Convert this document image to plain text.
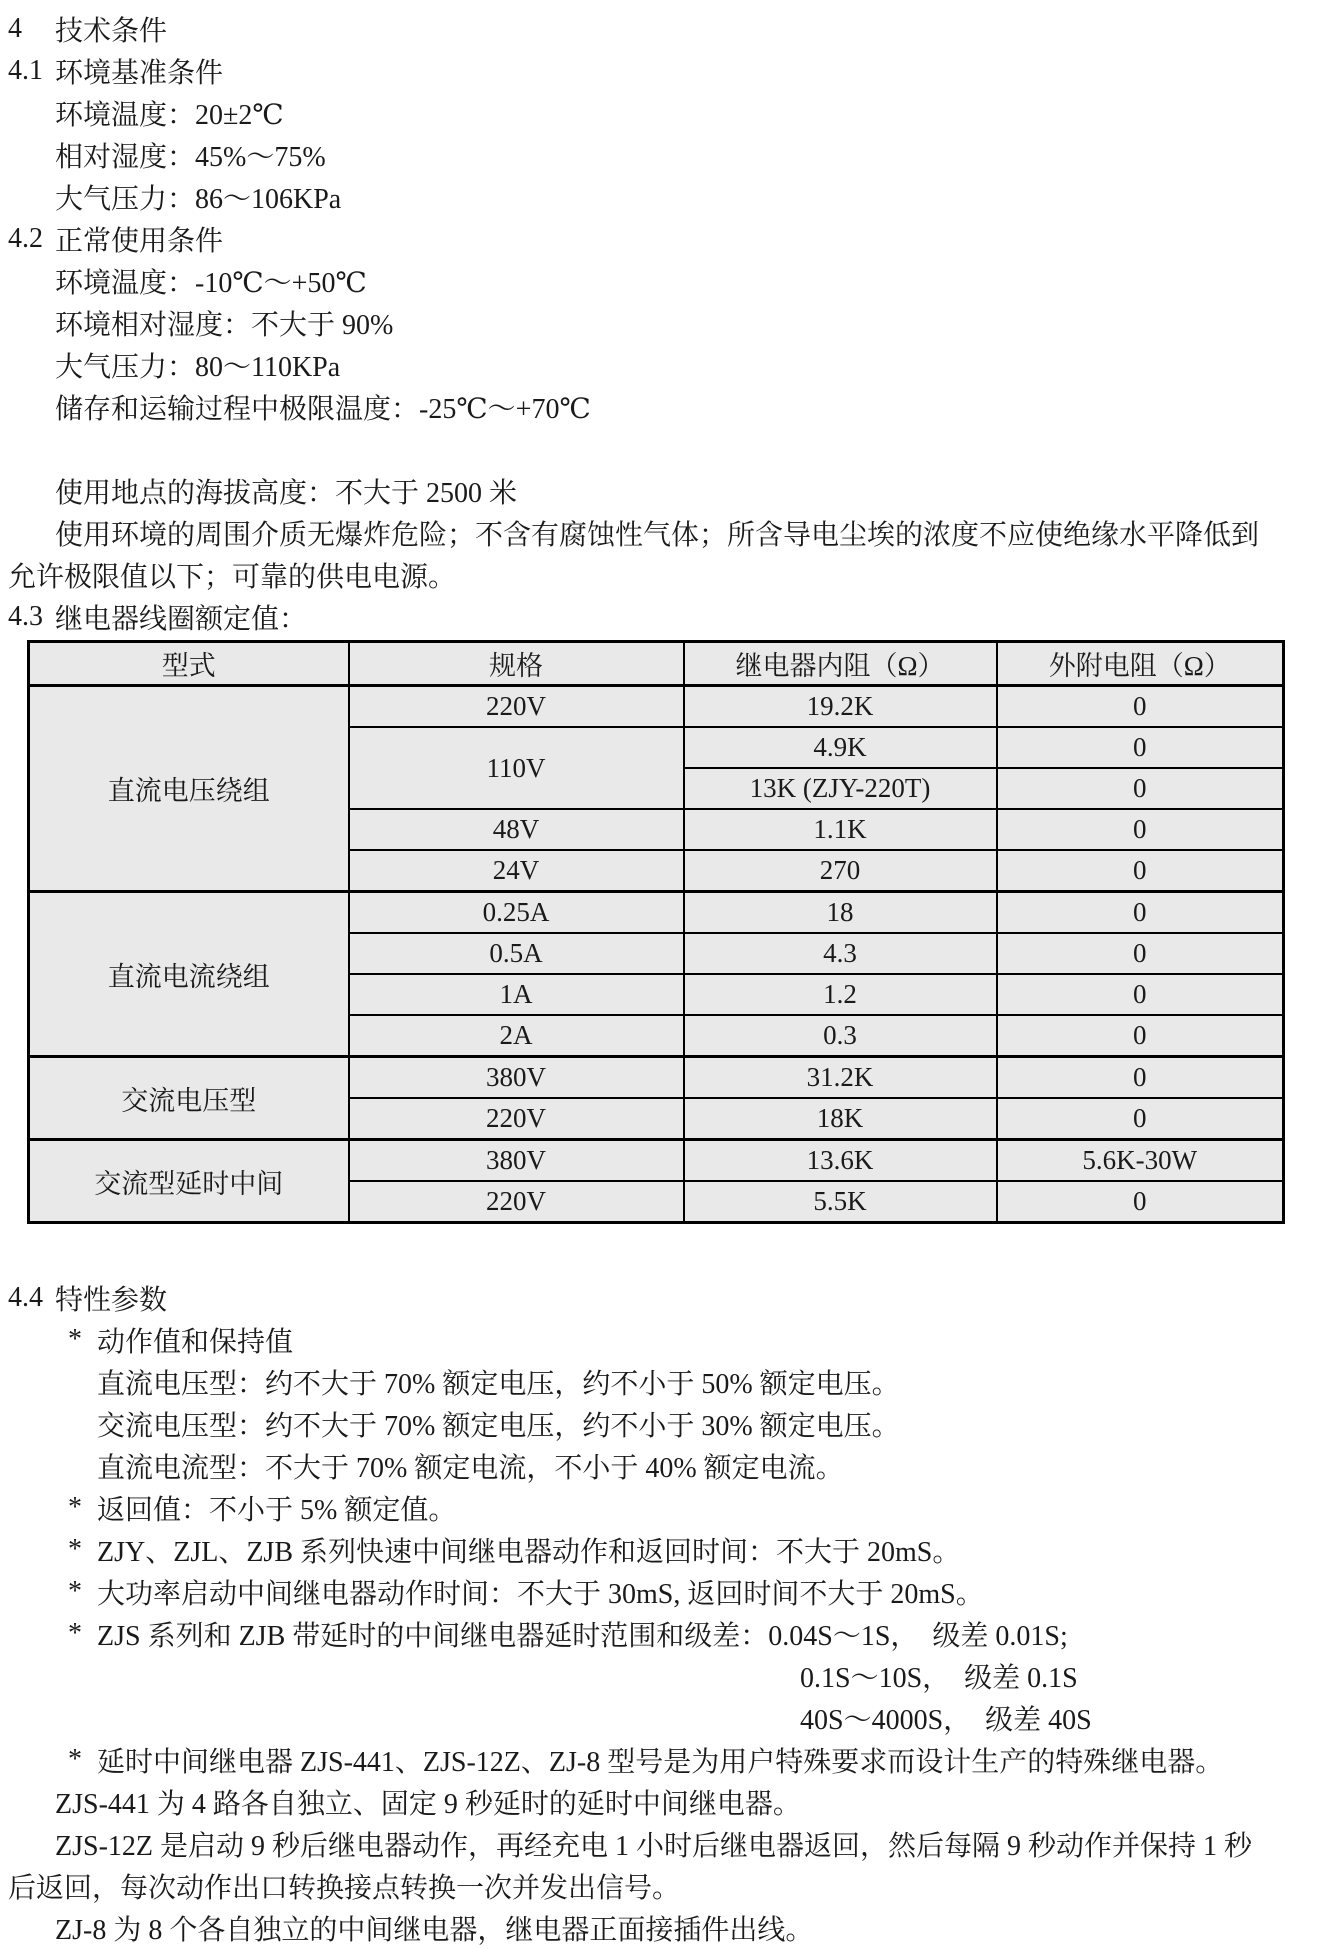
4	技术条件
4.1 环境基准条件
环境温度：20±2℃
相对湿度：45%～75%
大气压力：86～106KPa
4.2 正常使用条件
环境温度：-10℃～+50℃
环境相对湿度：不大于 90%
大气压力：80～110KPa
储存和运输过程中极限温度：-25℃～+70℃
使用地点的海拔高度：不大于 2500 米
使用环境的周围介质无爆炸危险；不含有腐蚀性气体；所含导电尘埃的浓度不应使绝缘水平降低到
允许极限值以下；可靠的供电电源。
4.3 继电器线圈额定值：
型式	规格	继电器内阻（Ω）	外附电阻（Ω）
直流电压绕组	220V	19.2K	0
	110V	4.9K	0
		13K (ZJY-220T)	0
	48V	1.1K	0
	24V	270	0
直流电流绕组	0.25A	18	0
	0.5A	4.3	0
	1A	1.2	0
	2A	0.3	0
交流电压型	380V	31.2K	0
	220V	18K	0
交流型延时中间	380V	13.6K	5.6K-30W
	220V	5.5K	0
4.4 特性参数
* 动作值和保持值
直流电压型：约不大于 70% 额定电压，约不小于 50% 额定电压。
交流电压型：约不大于 70% 额定电压，约不小于 30% 额定电压。
直流电流型：不大于 70% 额定电流，不小于 40% 额定电流。
* 返回值：不小于 5% 额定值。
* ZJY、ZJL、ZJB 系列快速中间继电器动作和返回时间：不大于 20mS。
* 大功率启动中间继电器动作时间：不大于 30mS, 返回时间不大于 20mS。
* ZJS 系列和 ZJB 带延时的中间继电器延时范围和级差：0.04S～1S，  级差 0.01S;
0.1S～10S，  级差 0.1S
40S～4000S，  级差 40S
* 延时中间继电器 ZJS-441、ZJS-12Z、ZJ-8 型号是为用户特殊要求而设计生产的特殊继电器。
ZJS-441 为 4 路各自独立、固定 9 秒延时的延时中间继电器。
ZJS-12Z 是启动 9 秒后继电器动作，再经充电 1 小时后继电器返回，然后每隔 9 秒动作并保持 1 秒
后返回，每次动作出口转换接点转换一次并发出信号。
ZJ-8 为 8 个各自独立的中间继电器，继电器正面接插件出线。
